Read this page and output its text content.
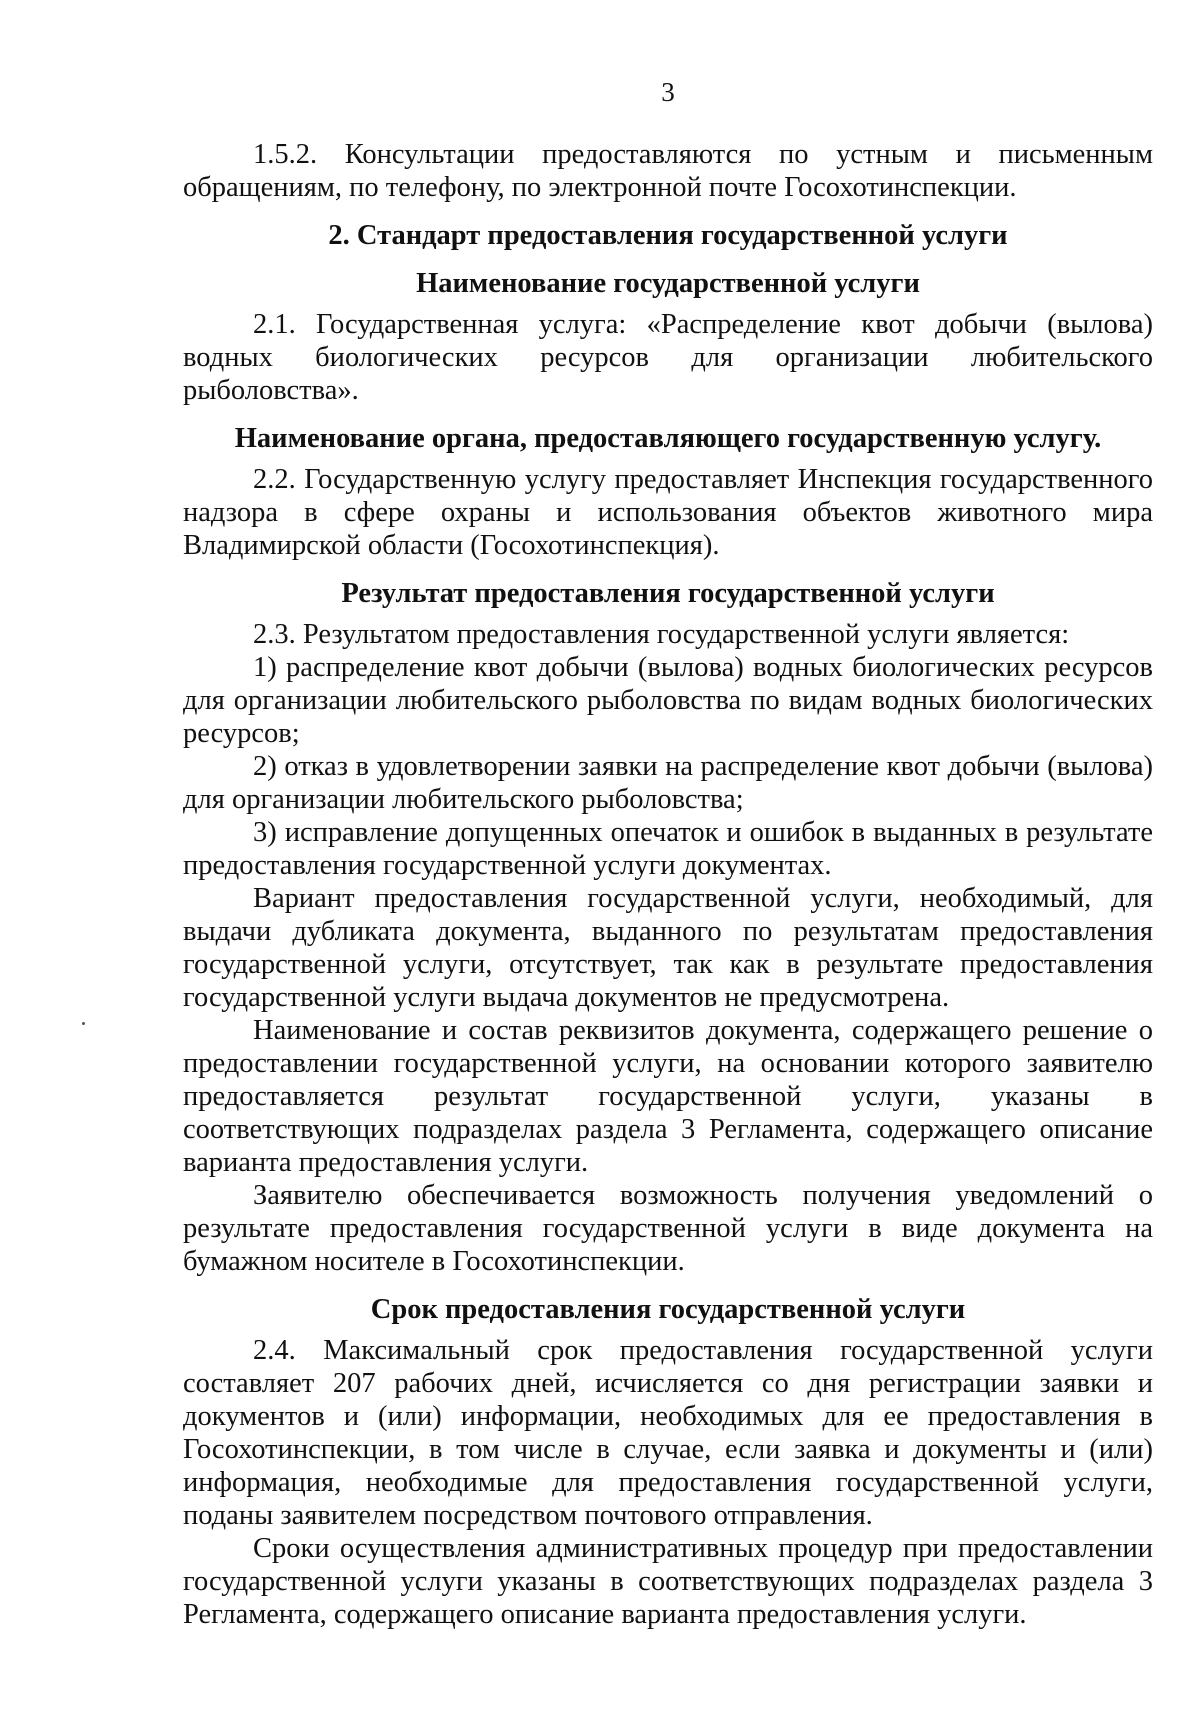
3

1.5.2. Консультации предоставляются по устным и письменным обращениям, по телефону, по электронной почте Госохотинспекции.

2. Стандарт предоставления государственной услуги

Наименование государственной услуги

2.1. Государственная услуга: «Распределение квот добычи (вылова) водных биологических ресурсов для организации любительского рыболовства».

Наименование органа, предоставляющего государственную услугу.

2.2. Государственную услугу предоставляет Инспекция государственного надзора в сфере охраны и использования объектов животного мира Владимирской области (Госохотинспекция).

Результат предоставления государственной услуги

2.3. Результатом предоставления государственной услуги является:

1) распределение квот добычи (вылова) водных биологических ресурсов для организации любительского рыболовства по видам водных биологических ресурсов;

2) отказ в удовлетворении заявки на распределение квот добычи (вылова) для организации любительского рыболовства;

3) исправление допущенных опечаток и ошибок в выданных в результате предоставления государственной услуги документах.

Вариант предоставления государственной услуги, необходимый, для выдачи дубликата документа, выданного по результатам предоставления государственной услуги, отсутствует, так как в результате предоставления государственной услуги выдача документов не предусмотрена.

Наименование и состав реквизитов документа, содержащего решение о предоставлении государственной услуги, на основании которого заявителю предоставляется результат государственной услуги, указаны в соответствующих подразделах раздела 3 Регламента, содержащего описание варианта предоставления услуги.

Заявителю обеспечивается возможность получения уведомлений о результате предоставления государственной услуги в виде документа на бумажном носителе в Госохотинспекции.

Срок предоставления государственной услуги

2.4. Максимальный срок предоставления государственной услуги составляет 207 рабочих дней, исчисляется со дня регистрации заявки и документов и (или) информации, необходимых для ее предоставления в Госохотинспекции, в том числе в случае, если заявка и документы и (или) информация, необходимые для предоставления государственной услуги, поданы заявителем посредством почтового отправления.

Сроки осуществления административных процедур при предоставлении государственной услуги указаны в соответствующих подразделах раздела 3 Регламента, содержащего описание варианта предоставления услуги.
